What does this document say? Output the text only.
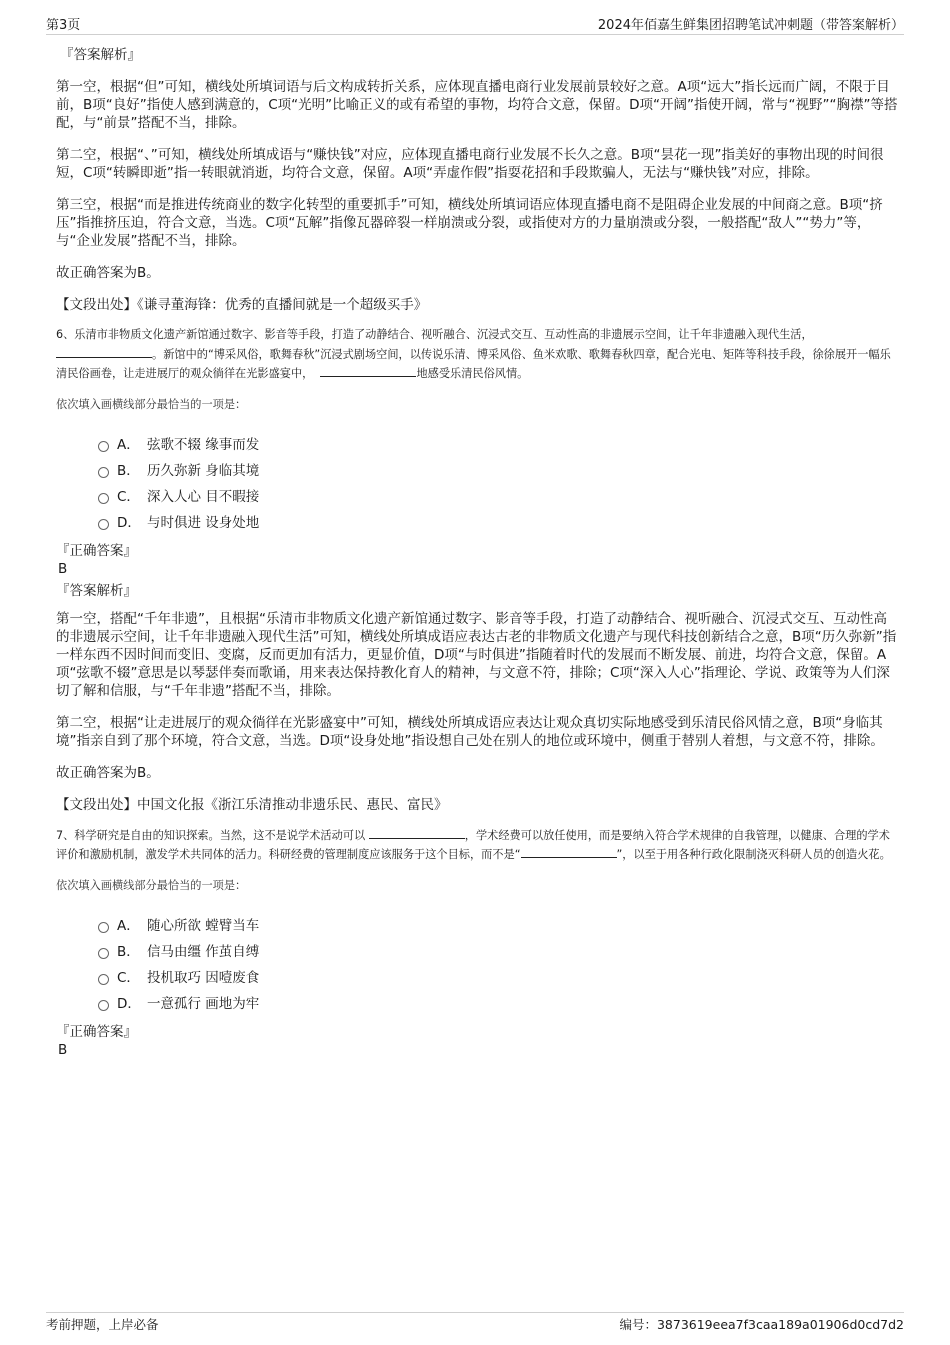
第3页	2024年佰嘉生鲜集团招聘笔试冲刺题（带答案解析）
『答案解析』

第一空，根据“但”可知，横线处所填词语与后文构成转折关系，应体现直播电商行业发展前景较好之意。A项“远大”指长远而广阔，不限于目前，B项“良好”指使人感到满意的，C项“光明”比喻正义的或有希望的事物，均符合文意，保留。D项“开阔”指使开阔，常与“视野”“胸襟”等搭配，与“前景”搭配不当，排除。

第二空，根据“、”可知，横线处所填成语与“赚快钱”对应，应体现直播电商行业发展不长久之意。B项“昙花一现”指美好的事物出现的时间很短，C项“转瞬即逝”指一转眼就消逝，均符合文意，保留。A项“弄虚作假”指耍花招和手段欺骗人，无法与“赚快钱”对应，排除。

第三空，根据“而是推进传统商业的数字化转型的重要抓手”可知，横线处所填词语应体现直播电商不是阻碍企业发展的中间商之意。B项“挤压”指推挤压迫，符合文意，当选。C项“瓦解”指像瓦器碎裂一样崩溃或分裂，或指使对方的力量崩溃或分裂，一般搭配“敌人”“势力”等，与“企业发展”搭配不当，排除。

故正确答案为B。

【文段出处】《谦寻董海锋：优秀的直播间就是一个超级买手》

6、乐清市非物质文化遗产新馆通过数字、影音等手段，打造了动静结合、视听融合、沉浸式交互、互动性高的非遗展示空间，让千年非遗融入现代生活，    。新馆中的“博采风俗，歌舞春秋”沉浸式剧场空间，以传说乐清、博采风俗、鱼米欢歌、歌舞春秋四章，配合光电、矩阵等科技手段，徐徐展开一幅乐清民俗画卷，让走进展厅的观众徜徉在光影盛宴中，	地感受乐清民俗风情。

依次填入画横线部分最恰当的一项是：

A． 弦歌不辍 缘事而发
B． 历久弥新 身临其境
C． 深入人心 目不暇接
D． 与时俱进 设身处地
『正确答案』
B
『答案解析』

第一空，搭配“千年非遗”，且根据“乐清市非物质文化遗产新馆通过数字、影音等手段，打造了动静结合、视听融合、沉浸式交互、互动性高的非遗展示空间，让千年非遗融入现代生活”可知，横线处所填成语应表达古老的非物质文化遗产与现代科技创新结合之意，B项“历久弥新”指一样东西不因时间而变旧、变腐，反而更加有活力，更显价值，D项“与时俱进”指随着时代的发展而不断发展、前进，均符合文意，保留。A项“弦歌不辍”意思是以琴瑟伴奏而歌诵，用来表达保持教化育人的精神，与文意不符，排除；C项“深入人心”指理论、学说、政策等为人们深切了解和信服，与“千年非遗”搭配不当，排除。

第二空，根据“让走进展厅的观众徜徉在光影盛宴中”可知，横线处所填成语应表达让观众真切实际地感受到乐清民俗风情之意，B项“身临其境”指亲自到了那个环境，符合文意，当选。D项“设身处地”指设想自己处在别人的地位或环境中，侧重于替别人着想，与文意不符，排除。

故正确答案为B。

【文段出处】中国文化报《浙江乐清推动非遗乐民、惠民、富民》

7、科学研究是自由的知识探索。当然，这不是说学术活动可以	，学术经费可以放任使用，而是要纳入符合学术规律的自我管理，以健康、合理的学术评价和激励机制，激发学术共同体的活力。科研经费的管理制度应该服务于这个目标，而不是“	”，以至于用各种行政化限制浇灭科研人员的创造火花。

依次填入画横线部分最恰当的一项是：

A． 随心所欲 螳臂当车
B． 信马由缰 作茧自缚
C． 投机取巧 因噎废食
D． 一意孤行 画地为牢
『正确答案』
B
考前押题，上岸必备	编号：3873619eea7f3caa189a01906d0cd7d2
